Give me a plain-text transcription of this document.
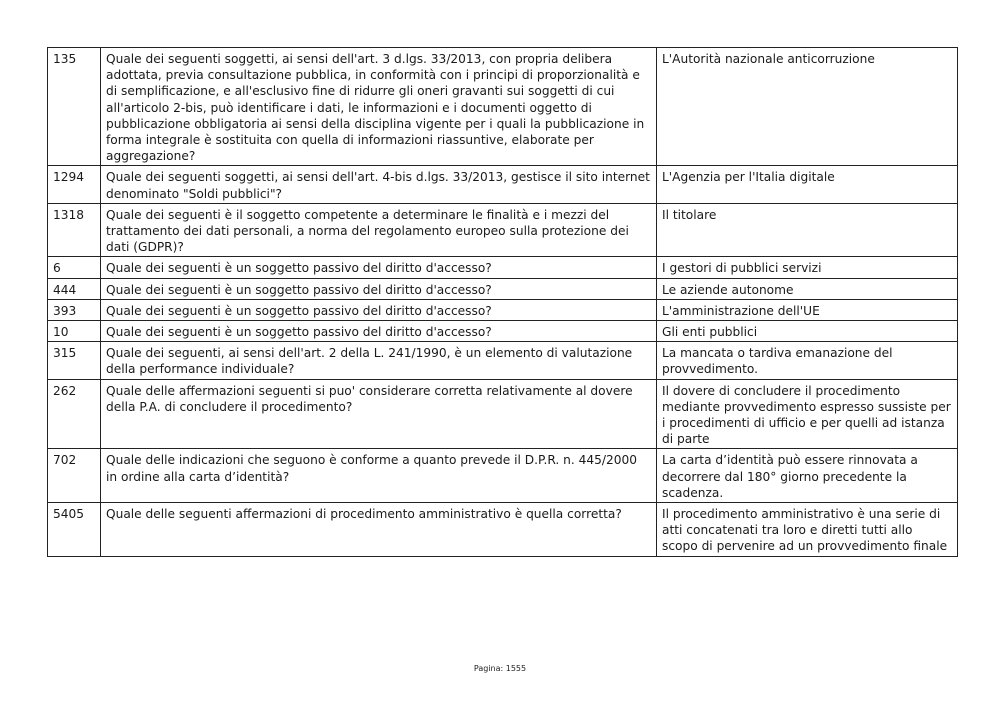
135	Quale dei seguenti soggetti, ai sensi dell'art. 3 d.lgs. 33/2013, con propria delibera adottata, previa consultazione pubblica, in conformità con i principi di proporzionalità e di semplificazione, e all'esclusivo fine di ridurre gli oneri gravanti sui soggetti di cui all'articolo 2-bis, può identificare i dati, le informazioni e i documenti oggetto di pubblicazione obbligatoria ai sensi della disciplina vigente per i quali la pubblicazione in forma integrale è sostituita con quella di informazioni riassuntive, elaborate per aggregazione?	L'Autorità nazionale anticorruzione
1294	Quale dei seguenti soggetti, ai sensi dell'art. 4-bis d.lgs. 33/2013, gestisce il sito internet denominato "Soldi pubblici"?	L'Agenzia per l'Italia digitale
1318	Quale dei seguenti è il soggetto competente a determinare le finalità e i mezzi del trattamento dei dati personali, a norma del regolamento europeo sulla protezione dei dati (GDPR)?	Il titolare
6	Quale dei seguenti è un soggetto passivo del diritto d'accesso?	I gestori di pubblici servizi
444	Quale dei seguenti è un soggetto passivo del diritto d'accesso?	Le aziende autonome
393	Quale dei seguenti è un soggetto passivo del diritto d'accesso?	L'amministrazione dell'UE
10	Quale dei seguenti è un soggetto passivo del diritto d'accesso?	Gli enti pubblici
315	Quale dei seguenti, ai sensi dell'art. 2 della L. 241/1990, è un elemento di valutazione della performance individuale?	La mancata o tardiva emanazione del provvedimento.
262	Quale delle affermazioni seguenti si puo' considerare corretta relativamente al dovere della P.A. di concludere il procedimento?	Il dovere di concludere il procedimento mediante provvedimento espresso sussiste per i procedimenti di ufficio e per quelli ad istanza di parte
702	Quale delle indicazioni che seguono è conforme a quanto prevede il D.P.R. n. 445/2000 in ordine alla carta d’identità?	La carta d’identità può essere rinnovata a decorrere dal 180° giorno precedente la scadenza.
5405	Quale delle seguenti affermazioni di procedimento amministrativo è quella corretta?	Il procedimento amministrativo è una serie di atti concatenati tra loro e diretti tutti allo scopo di pervenire ad un provvedimento finale
Pagina: 1555
